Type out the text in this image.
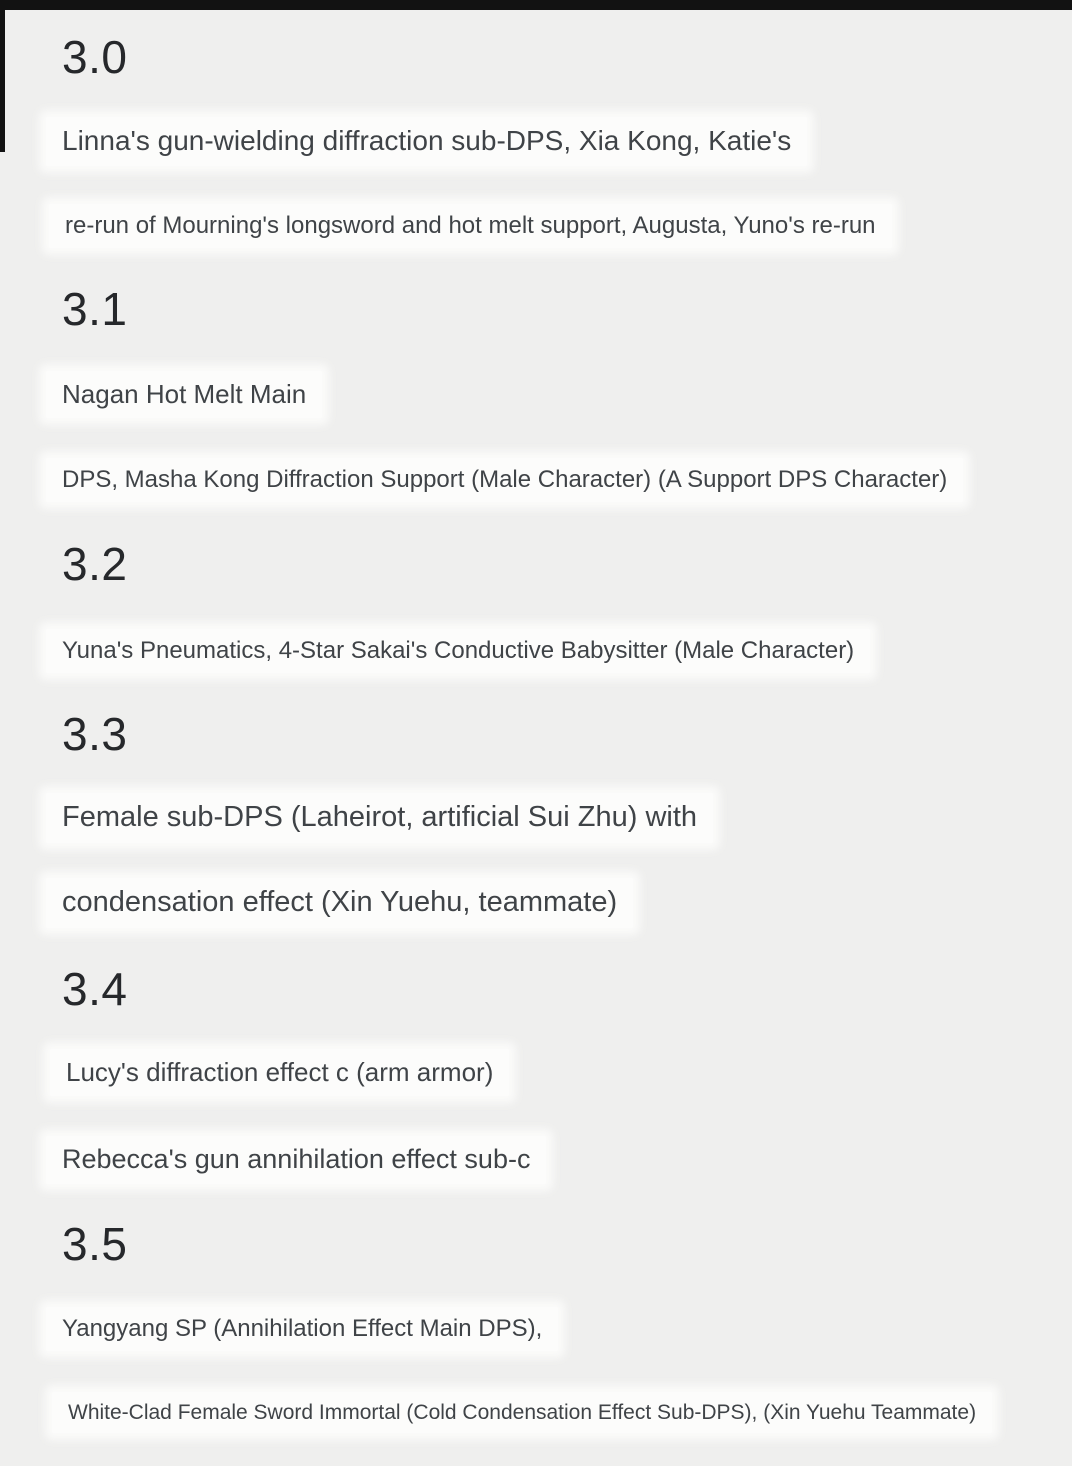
3.0
Linna's gun-wielding diffraction sub-DPS, Xia Kong, Katie's
re-run of Mourning's longsword and hot melt support, Augusta, Yuno's re-run
3.1
Nagan Hot Melt Main
DPS, Masha Kong Diffraction Support (Male Character) (A Support DPS Character)
3.2
Yuna's Pneumatics, 4-Star Sakai's Conductive Babysitter (Male Character)
3.3
Female sub-DPS (Laheirot, artificial Sui Zhu) with
condensation effect (Xin Yuehu, teammate)
3.4
Lucy's diffraction effect c (arm armor)
Rebecca's gun annihilation effect sub-c
3.5
Yangyang SP (Annihilation Effect Main DPS),
White-Clad Female Sword Immortal (Cold Condensation Effect Sub-DPS), (Xin Yuehu Teammate)
